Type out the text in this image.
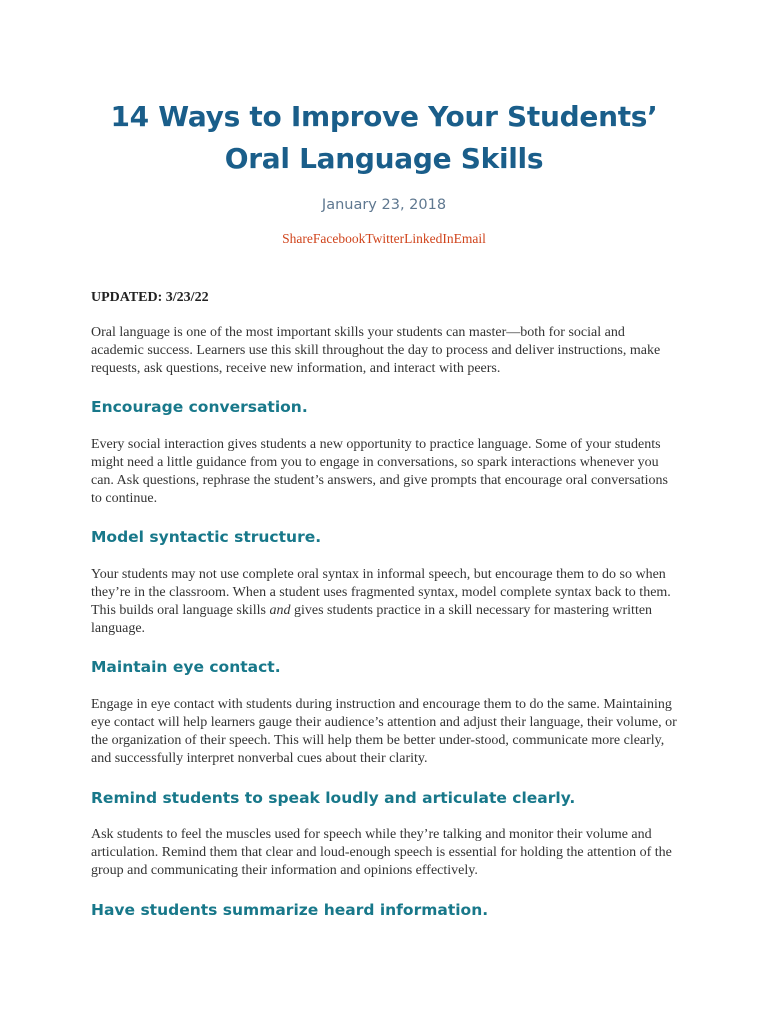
14 Ways to Improve Your Students’
Oral Language Skills
January 23, 2018
ShareFacebookTwitterLinkedInEmail

UPDATED: 3/23/22

Oral language is one of the most important skills your students can master—both for social and academic success. Learners use this skill throughout the day to process and deliver instructions, make requests, ask questions, receive new information, and interact with peers.

Encourage conversation.

Every social interaction gives students a new opportunity to practice language. Some of your students might need a little guidance from you to engage in conversations, so spark interactions whenever you can. Ask questions, rephrase the student’s answers, and give prompts that encourage oral conversations to continue.

Model syntactic structure.

Your students may not use complete oral syntax in informal speech, but encourage them to do so when they’re in the classroom. When a student uses fragmented syntax, model complete syntax back to them. This builds oral language skills and gives students practice in a skill necessary for mastering written language.

Maintain eye contact.

Engage in eye contact with students during instruction and encourage them to do the same. Maintaining eye contact will help learners gauge their audience’s attention and adjust their language, their volume, or the organization of their speech. This will help them be better under-stood, communicate more clearly, and successfully interpret nonverbal cues about their clarity.

Remind students to speak loudly and articulate clearly.

Ask students to feel the muscles used for speech while they’re talking and monitor their volume and articulation. Remind them that clear and loud-enough speech is essential for holding the attention of the group and communicating their information and opinions effectively.

Have students summarize heard information.
